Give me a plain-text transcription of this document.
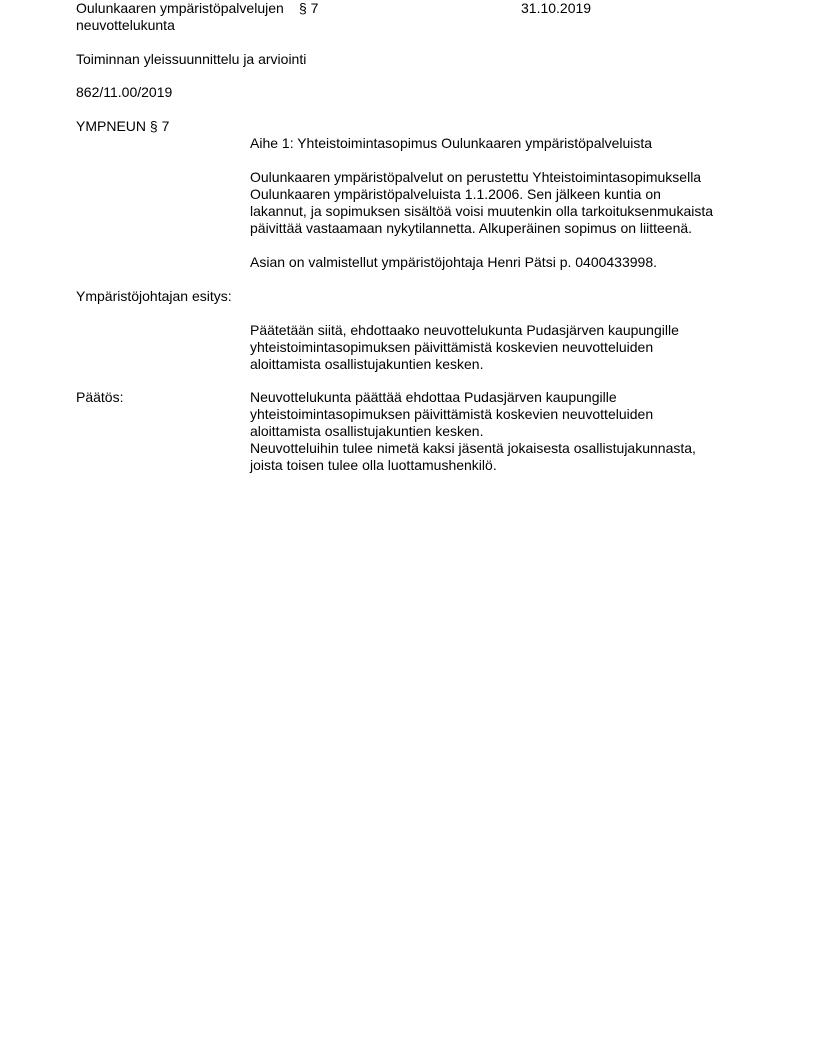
Oulunkaaren ympäristöpalvelujen § 7
neuvottelukunta
31.10.2019
Toiminnan yleissuunnittelu ja arviointi
862/11.00/2019
YMPNEUN § 7
Aihe 1: Yhteistoimintasopimus Oulunkaaren ympäristöpalveluista

Oulunkaaren ympäristöpalvelut on perustettu Yhteistoimintasopimuksella

Oulunkaaren ympäristöpalveluista 1.1.2006. Sen jälkeen kuntia on

lakannut, ja sopimuksen sisältöä voisi muutenkin olla tarkoituksenmukaista

päivittää vastaamaan nykytilannetta. Alkuperäinen sopimus on liitteenä.

Asian on valmistellut ympäristöjohtaja Henri Pätsi p. 0400433998.
Ympäristöjohtajan esitys:

Päätetään siitä, ehdottaako neuvottelukunta Pudasjärven kaupungille

yhteistoimintasopimuksen päivittämistä koskevien neuvotteluiden

aloittamista osallistujakuntien kesken.

Päätös:	Neuvottelukunta päättää ehdottaa Pudasjärven kaupungille

yhteistoimintasopimuksen päivittämistä koskevien neuvotteluiden

aloittamista osallistujakuntien kesken.

Neuvotteluihin tulee nimetä kaksi jäsentä jokaisesta osallistujakunnasta,

joista toisen tulee olla luottamushenkilö.
